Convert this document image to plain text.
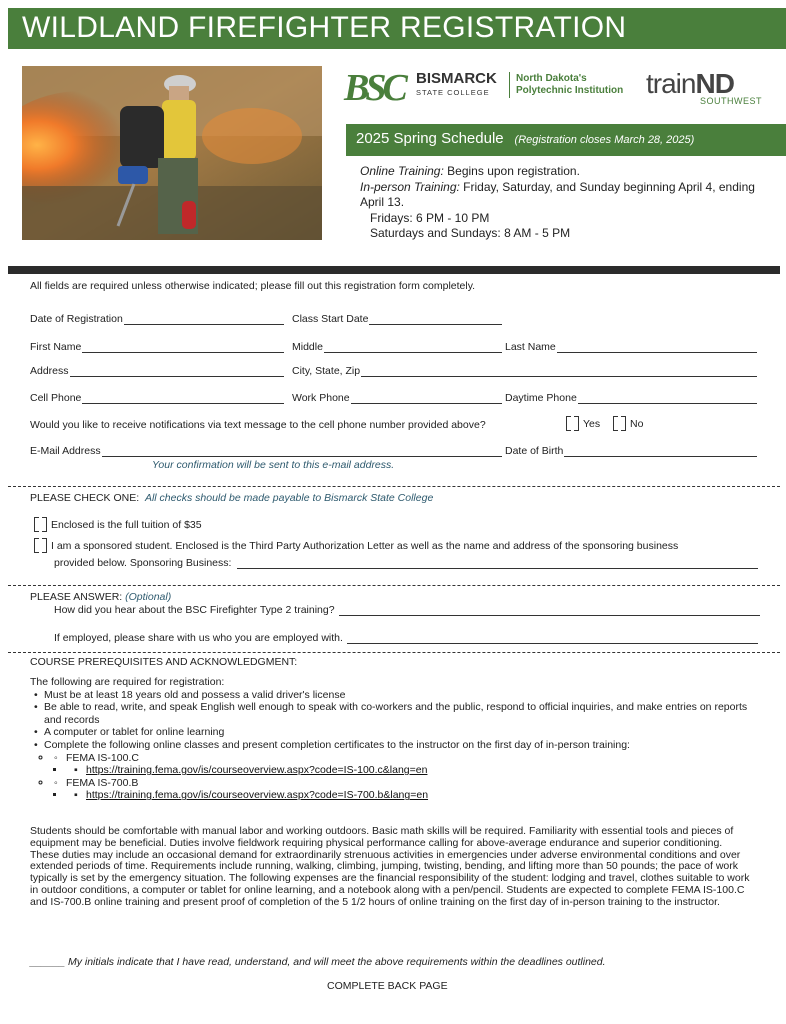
WILDLAND FIREFIGHTER REGISTRATION
BSC BISMARCK
STATE COLLEGE
North Dakota's
Polytechnic Institution trainND
SOUTHWEST
2025 Spring Schedule (Registration closes March 28, 2025)
Online Training: Begins upon registration.
In-person Training: Friday, Saturday, and Sunday beginning April 4, ending April 13.
Fridays: 6 PM - 10 PM
Saturdays and Sundays: 8 AM - 5 PM
All fields are required unless otherwise indicated; please fill out this registration form completely.
Date of Registration	Class Start Date
First Name	Middle	Last Name
Address	City, State, Zip
Cell Phone	Work Phone	Daytime Phone
Would you like to receive notifications via text message to the cell phone number provided above?	Yes	No
E-Mail Address	Date of Birth
Your confirmation will be sent to this e-mail address.
PLEASE CHECK ONE: All checks should be made payable to Bismarck State College
Enclosed is the full tuition of $35
I am a sponsored student. Enclosed is the Third Party Authorization Letter as well as the name and address of the sponsoring business
provided below. Sponsoring Business:
PLEASE ANSWER: (Optional)
How did you hear about the BSC Firefighter Type 2 training?
If employed, please share with us who you are employed with.
COURSE PREREQUISITES AND ACKNOWLEDGMENT:
The following are required for registration:
• Must be at least 18 years old and possess a valid driver's license
• Be able to read, write, and speak English well enough to speak with co-workers and the public, respond to official inquiries, and make entries on reports and records
• A computer or tablet for online learning
• Complete the following online classes and present completion certificates to the instructor on the first day of in-person training:
◦ ◦ FEMA IS-100.C
▪ ▪ https://training.fema.gov/is/courseoverview.aspx?code=IS-100.c&lang=en
◦ ◦ FEMA IS-700.B
▪ ▪ https://training.fema.gov/is/courseoverview.aspx?code=IS-700.b&lang=en
Students should be comfortable with manual labor and working outdoors. Basic math skills will be required. Familiarity with essential tools and pieces of equipment may be beneficial. Duties involve fieldwork requiring physical performance calling for above-average endurance and superior conditioning. These duties may include an occasional demand for extraordinarily strenuous activities in emergencies under adverse environmental conditions and over extended periods of time. Requirements include running, walking, climbing, jumping, twisting, bending, and lifting more than 50 pounds; the pace of work typically is set by the emergency situation. The following expenses are the financial responsibility of the student: lodging and travel, clothes suitable to work in outdoor conditions, a computer or tablet for online learning, and a notebook along with a pen/pencil. Students are expected to complete FEMA IS-100.C and IS-700.B online training and present proof of completion of the 5 1/2 hours of online training on the first day of in-person training to the instructor.
______ My initials indicate that I have read, understand, and will meet the above requirements within the deadlines outlined.
COMPLETE BACK PAGE
